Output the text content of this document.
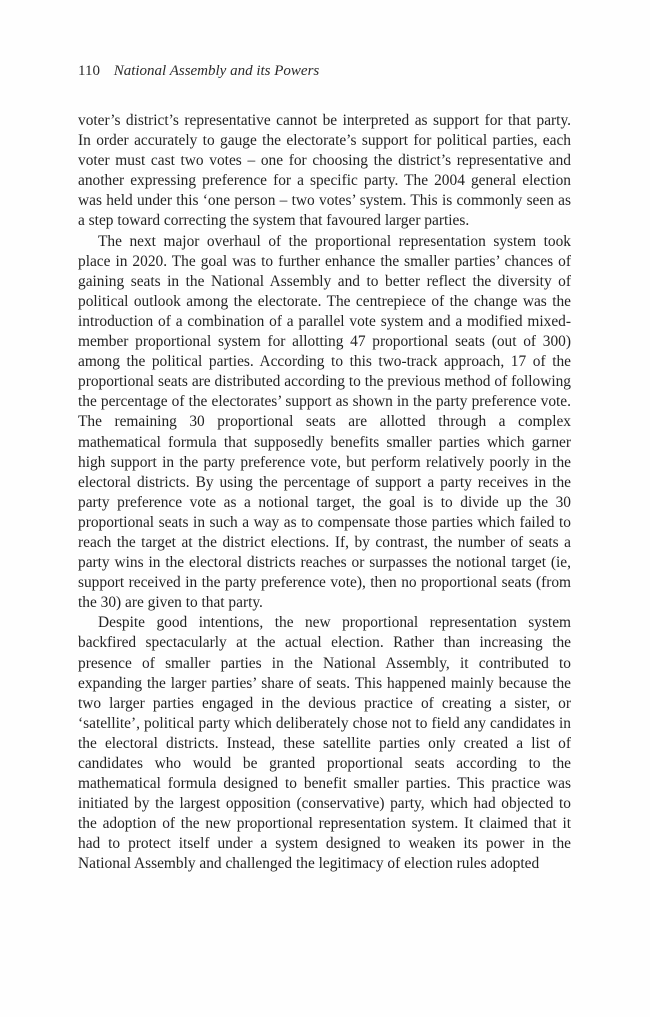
110 National Assembly and its Powers

voter’s district’s representative cannot be interpreted as support for that party. In order accurately to gauge the electorate’s support for political parties, each voter must cast two votes – one for choosing the district’s representative and another expressing preference for a specific party. The 2004 general election was held under this ‘one person – two votes’ system. This is commonly seen as a step toward correcting the system that favoured larger parties.

The next major overhaul of the proportional representation system took place in 2020. The goal was to further enhance the smaller parties’ chances of gaining seats in the National Assembly and to better reflect the diversity of political outlook among the electorate. The centrepiece of the change was the introduction of a combination of a parallel vote system and a modified mixed-member proportional system for allotting 47 proportional seats (out of 300) among the political parties. According to this two-track approach, 17 of the proportional seats are distributed according to the previous method of following the percentage of the electorates’ support as shown in the party preference vote. The remaining 30 proportional seats are allotted through a complex mathematical formula that supposedly benefits smaller parties which garner high support in the party preference vote, but perform relatively poorly in the electoral districts. By using the percentage of support a party receives in the party preference vote as a notional target, the goal is to divide up the 30 proportional seats in such a way as to compensate those parties which failed to reach the target at the district elections. If, by contrast, the number of seats a party wins in the electoral districts reaches or surpasses the notional target (ie, support received in the party preference vote), then no proportional seats (from the 30) are given to that party.

Despite good intentions, the new proportional representation system backfired spectacularly at the actual election. Rather than increasing the presence of smaller parties in the National Assembly, it contributed to expanding the larger parties’ share of seats. This happened mainly because the two larger parties engaged in the devious practice of creating a sister, or ‘satellite’, political party which deliberately chose not to field any candidates in the electoral districts. Instead, these satellite parties only created a list of candidates who would be granted proportional seats according to the mathematical formula designed to benefit smaller parties. This practice was initiated by the largest opposition (conservative) party, which had objected to the adoption of the new proportional representation system. It claimed that it had to protect itself under a system designed to weaken its power in the National Assembly and challenged the legitimacy of election rules adopted
